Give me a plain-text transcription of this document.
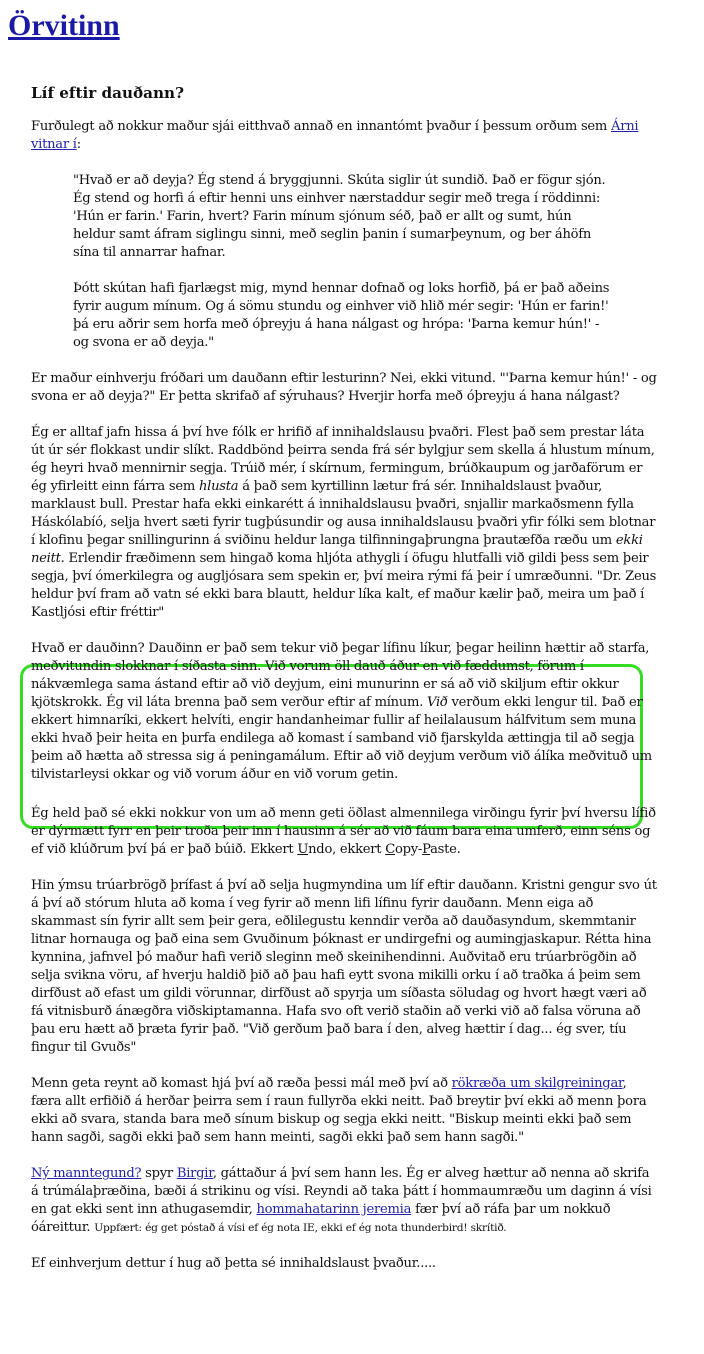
Örvitinn
Líf eftir dauðann?

Furðulegt að nokkur maður sjái eitthvað annað en innantómt þvaður í þessum orðum sem Árni vitnar í:

"Hvað er að deyja? Ég stend á bryggjunni. Skúta siglir út sundið. Það er fögur sjón. Ég stend og horfi á eftir henni uns einhver nærstaddur segir með trega í röddinni: 'Hún er farin.' Farin, hvert? Farin mínum sjónum séð, það er allt og sumt, hún heldur samt áfram siglingu sinni, með seglin þanin í sumarþeynum, og ber áhöfn sína til annarrar hafnar.

Þótt skútan hafi fjarlægst mig, mynd hennar dofnað og loks horfið, þá er það aðeins fyrir augum mínum. Og á sömu stundu og einhver við hlið mér segir: 'Hún er farin!' þá eru aðrir sem horfa með óþreyju á hana nálgast og hrópa: 'Þarna kemur hún!' - og svona er að deyja."

Er maður einhverju fróðari um dauðann eftir lesturinn? Nei, ekki vitund. "'Þarna kemur hún!' - og svona er að deyja?" Er þetta skrifað af sýruhaus? Hverjir horfa með óþreyju á hana nálgast?

Ég er alltaf jafn hissa á því hve fólk er hrifið af innihaldslausu þvaðri. Flest það sem prestar láta út úr sér flokkast undir slíkt. Raddbönd þeirra senda frá sér bylgjur sem skella á hlustum mínum, ég heyri hvað mennirnir segja. Trúið mér, í skírnum, fermingum, brúðkaupum og jarðaförum er ég yfirleitt einn fárra sem hlusta á það sem kyrtillinn lætur frá sér. Innihaldslaust þvaður, marklaust bull. Prestar hafa ekki einkarétt á innihaldslausu þvaðri, snjallir markaðsmenn fylla Háskólabíó, selja hvert sæti fyrir tugþúsundir og ausa innihaldslausu þvaðri yfir fólki sem blotnar í klofinu þegar snillingurinn á sviðinu heldur langa tilfinningaþrungna þrautæfða ræðu um ekki neitt. Erlendir fræðimenn sem hingað koma hljóta athygli í öfugu hlutfalli við gildi þess sem þeir segja, því ómerkilegra og augljósara sem spekin er, því meira rými fá þeir í umræðunni. "Dr. Zeus heldur því fram að vatn sé ekki bara blautt, heldur líka kalt, ef maður kælir það, meira um það í Kastljósi eftir fréttir"

Hvað er dauðinn? Dauðinn er það sem tekur við þegar lífinu líkur, þegar heilinn hættir að starfa, meðvitundin slokknar í síðasta sinn. Við vorum öll dauð áður en við fæddumst, förum í nákvæmlega sama ástand eftir að við deyjum, eini munurinn er sá að við skiljum eftir okkur kjötskrokk. Ég vil láta brenna það sem verður eftir af mínum. Við verðum ekki lengur til. Það er ekkert himnaríki, ekkert helvíti, engir handanheimar fullir af heilalausum hálfvitum sem muna ekki hvað þeir heita en þurfa endilega að komast í samband við fjarskylda ættingja til að segja þeim að hætta að stressa sig á peningamálum. Eftir að við deyjum verðum við álíka meðvituð um tilvistarleysi okkar og við vorum áður en við vorum getin.

Ég held það sé ekki nokkur von um að menn geti öðlast almennilega virðingu fyrir því hversu lífið er dýrmætt fyrr en þeir troða þeir inn í hausinn á sér að við fáum bara eina umferð, einn séns og ef við klúðrum því þá er það búið. Ekkert Undo, ekkert Copy-Paste.

Hin ýmsu trúarbrögð þrífast á því að selja hugmyndina um líf eftir dauðann. Kristni gengur svo út á því að stórum hluta að koma í veg fyrir að menn lifi lífinu fyrir dauðann. Menn eiga að skammast sín fyrir allt sem þeir gera, eðlilegustu kenndir verða að dauðasyndum, skemmtanir litnar hornauga og það eina sem Gvuðinum þóknast er undirgefni og aumingjaskapur. Rétta hina kynnina, jafnvel þó maður hafi verið sleginn með skeinihendinni. Auðvitað eru trúarbrögðin að selja svikna vöru, af hverju haldið þið að þau hafi eytt svona mikilli orku í að traðka á þeim sem dirfðust að efast um gildi vörunnar, dirfðust að spyrja um síðasta söludag og hvort hægt væri að fá vitnisburð ánægðra viðskiptamanna. Hafa svo oft verið staðin að verki við að falsa vöruna að þau eru hætt að þræta fyrir það. "Við gerðum það bara í den, alveg hættir í dag... ég sver, tíu fingur til Gvuðs"

Menn geta reynt að komast hjá því að ræða þessi mál með því að rökræða um skilgreiningar, færa allt erfiðið á herðar þeirra sem í raun fullyrða ekki neitt. Það breytir því ekki að menn þora ekki að svara, standa bara með sínum biskup og segja ekki neitt. "Biskup meinti ekki það sem hann sagði, sagði ekki það sem hann meinti, sagði ekki það sem hann sagði."

Ný manntegund? spyr Birgir, gáttaður á því sem hann les. Ég er alveg hættur að nenna að skrifa á trúmálaþræðina, bæði á strikinu og vísi. Reyndi að taka þátt í hommaumræðu um daginn á vísi en gat ekki sent inn athugasemdir, hommahatarinn jeremia fær því að ráfa þar um nokkuð óáreittur. Uppfært: ég get póstað á vísi ef ég nota IE, ekki ef ég nota thunderbird! skrítið.

Ef einhverjum dettur í hug að þetta sé innihaldslaust þvaður.....
